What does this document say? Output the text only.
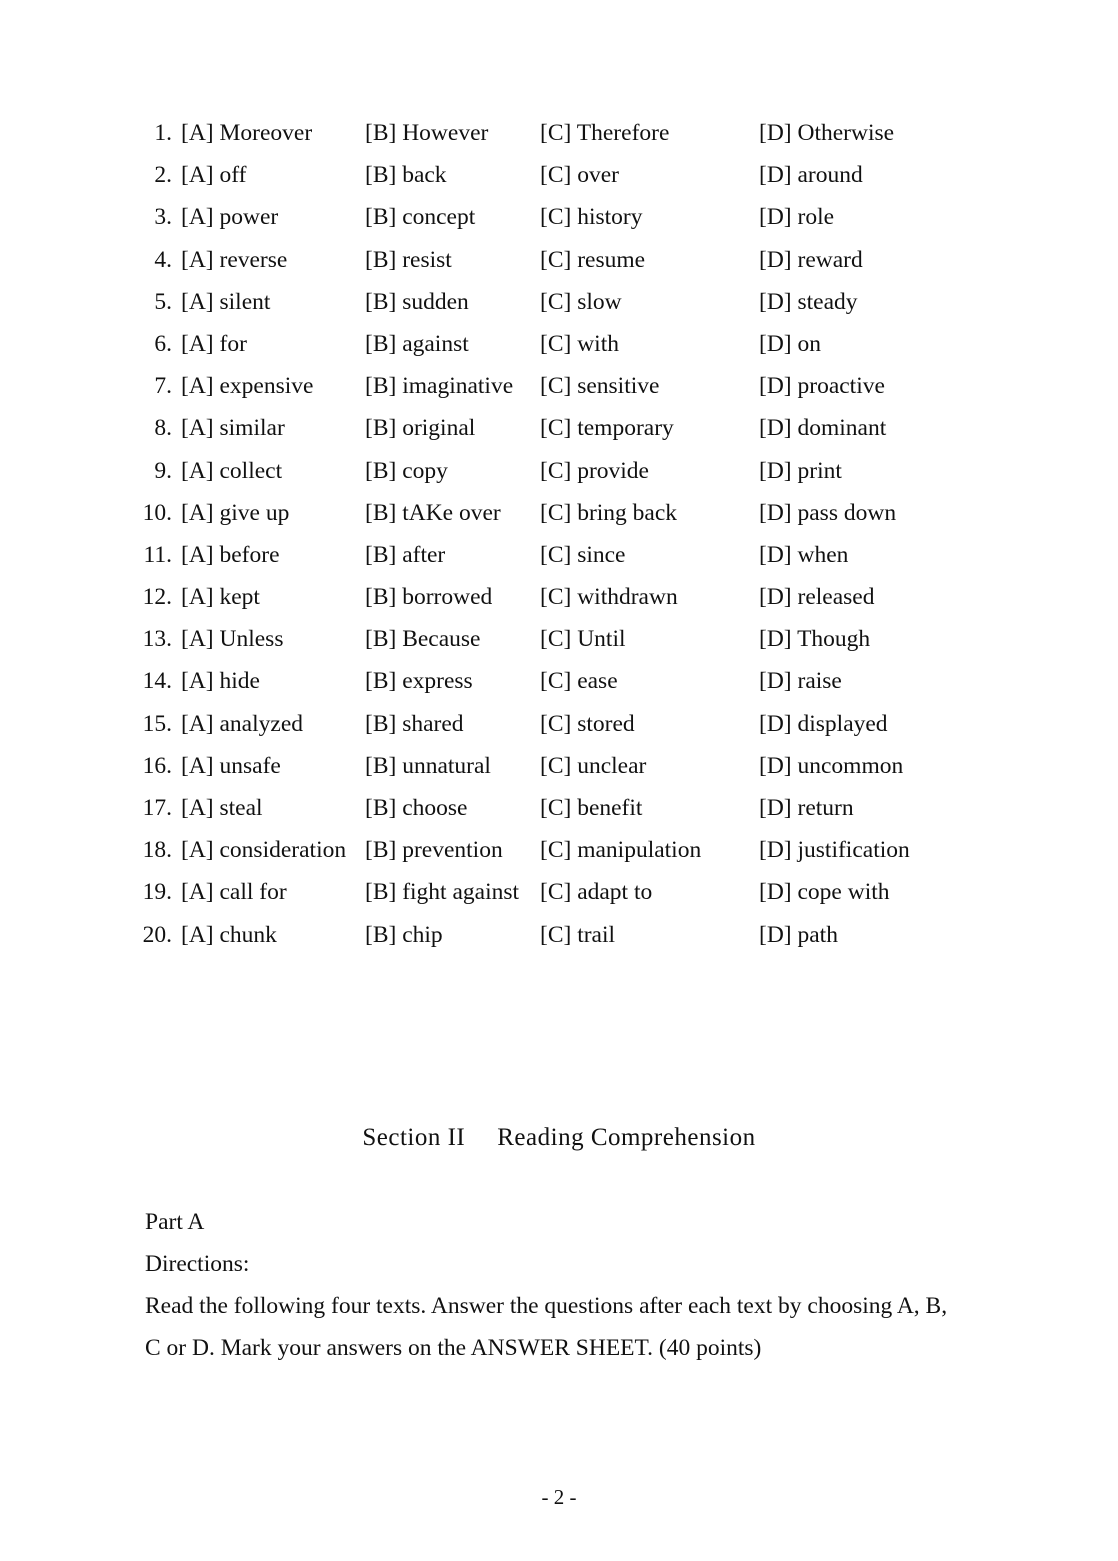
1. [A] Moreover [B] However [C] Therefore	[D] Otherwise
2. [A] off	[B] back	[C] over	[D] around
3. [A] power	[B] concept	[C] history	[D] role
4. [A] reverse	[B] resist	[C] resume	[D] reward
5. [A] silent	[B] sudden	[C] slow	[D] steady
6. [A] for	[B] against	[C] with	[D] on
7. [A] expensive [B] imaginative [C] sensitive	[D] proactive
8. [A] similar	[B] original	[C] temporary	[D] dominant
9. [A] collect	[B] copy	[C] provide	[D] print
10. [A] give up	[B] tAKe over [C] bring back	[D] pass down
11. [A] before	[B] after	[C] since	[D] when
12. [A] kept	[B] borrowed [C] withdrawn	[D] released
13. [A] Unless	[B] Because	[C] Until	[D] Though
14. [A] hide	[B] express	[C] ease	[D] raise
15. [A] analyzed	[B] shared	[C] stored	[D] displayed
16. [A] unsafe	[B] unnatural [C] unclear	[D] uncommon
17. [A] steal	[B] choose	[C] benefit	[D] return
18. [A] consideration [B] prevention [C] manipulation [D] justification
19. [A] call for	[B] fight against [C] adapt to	[D] cope with
20. [A] chunk	[B] chip	[C] trail	[D] path
Section II Reading Comprehension
Part A
Directions:
Read the following four texts. Answer the questions after each text by choosing A, B,
C or D. Mark your answers on the ANSWER SHEET. (40 points)
- 2 -
